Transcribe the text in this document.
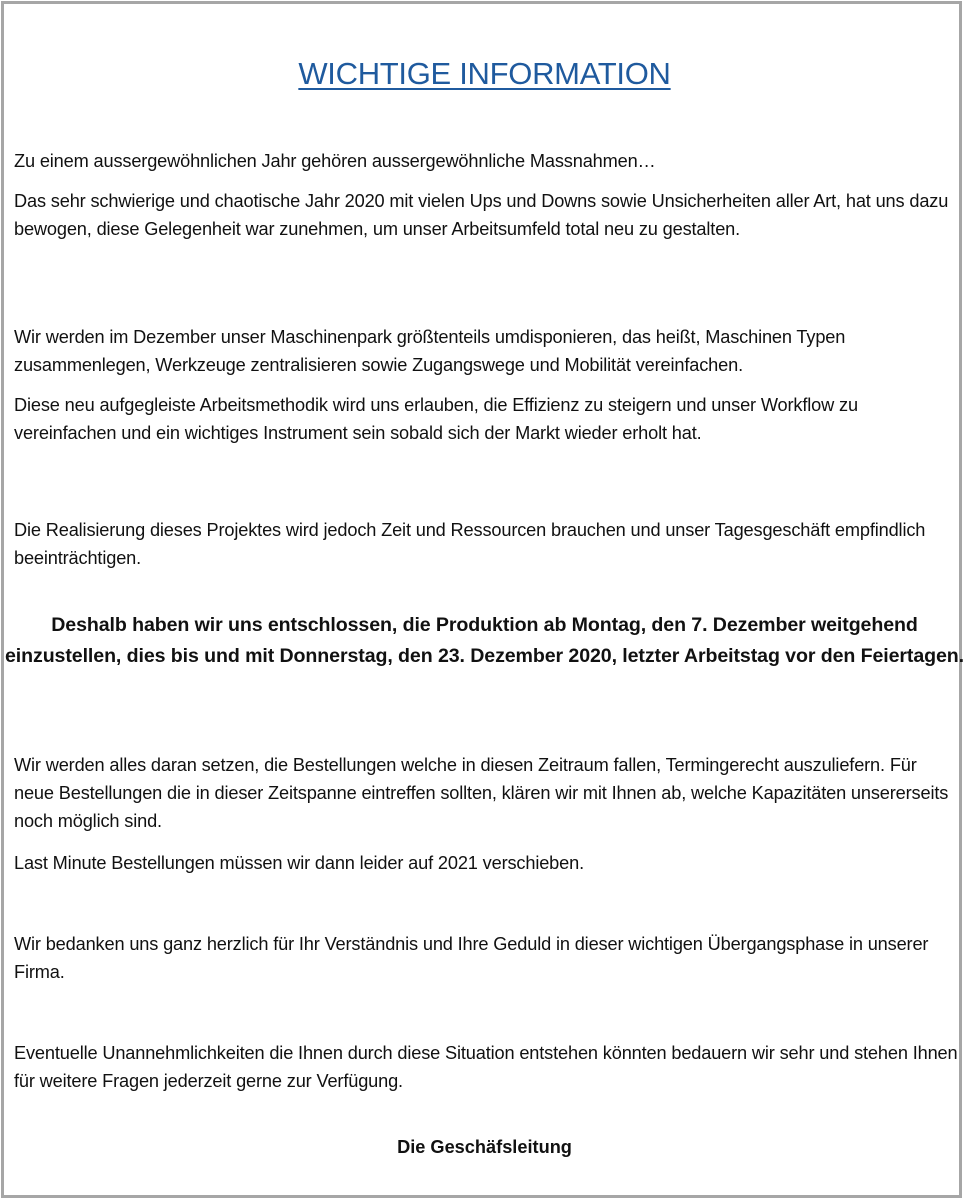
WICHTIGE INFORMATION

Zu einem aussergewöhnlichen Jahr gehören aussergewöhnliche Massnahmen…

Das sehr schwierige und chaotische Jahr 2020 mit vielen Ups und Downs sowie Unsicherheiten aller Art, hat uns dazu bewogen, diese Gelegenheit war zunehmen, um unser Arbeitsumfeld total neu zu gestalten.

Wir werden im Dezember unser Maschinenpark größtenteils umdisponieren, das heißt, Maschinen Typen zusammenlegen, Werkzeuge zentralisieren sowie Zugangswege und Mobilität vereinfachen.

Diese neu aufgegleiste Arbeitsmethodik wird uns erlauben, die Effizienz zu steigern und unser Workflow zu vereinfachen und ein wichtiges Instrument sein sobald sich der Markt wieder erholt hat.

Die Realisierung dieses Projektes wird jedoch Zeit und Ressourcen brauchen und unser Tagesgeschäft empfindlich beeinträchtigen.

Deshalb haben wir uns entschlossen, die Produktion ab Montag, den 7. Dezember weitgehend einzustellen, dies bis und mit Donnerstag, den 23. Dezember 2020, letzter Arbeitstag vor den Feiertagen.

Wir werden alles daran setzen, die Bestellungen welche in diesen Zeitraum fallen, Termingerecht auszuliefern. Für neue Bestellungen die in dieser Zeitspanne eintreffen sollten, klären wir mit Ihnen ab, welche Kapazitäten unsererseits noch möglich sind.

Last Minute Bestellungen müssen wir dann leider auf 2021 verschieben.

Wir bedanken uns ganz herzlich für Ihr Verständnis und Ihre Geduld in dieser wichtigen Übergangsphase in unserer Firma.

Eventuelle Unannehmlichkeiten die Ihnen durch diese Situation entstehen könnten bedauern wir sehr und stehen Ihnen für weitere Fragen jederzeit gerne zur Verfügung.

Die Geschäfsleitung
